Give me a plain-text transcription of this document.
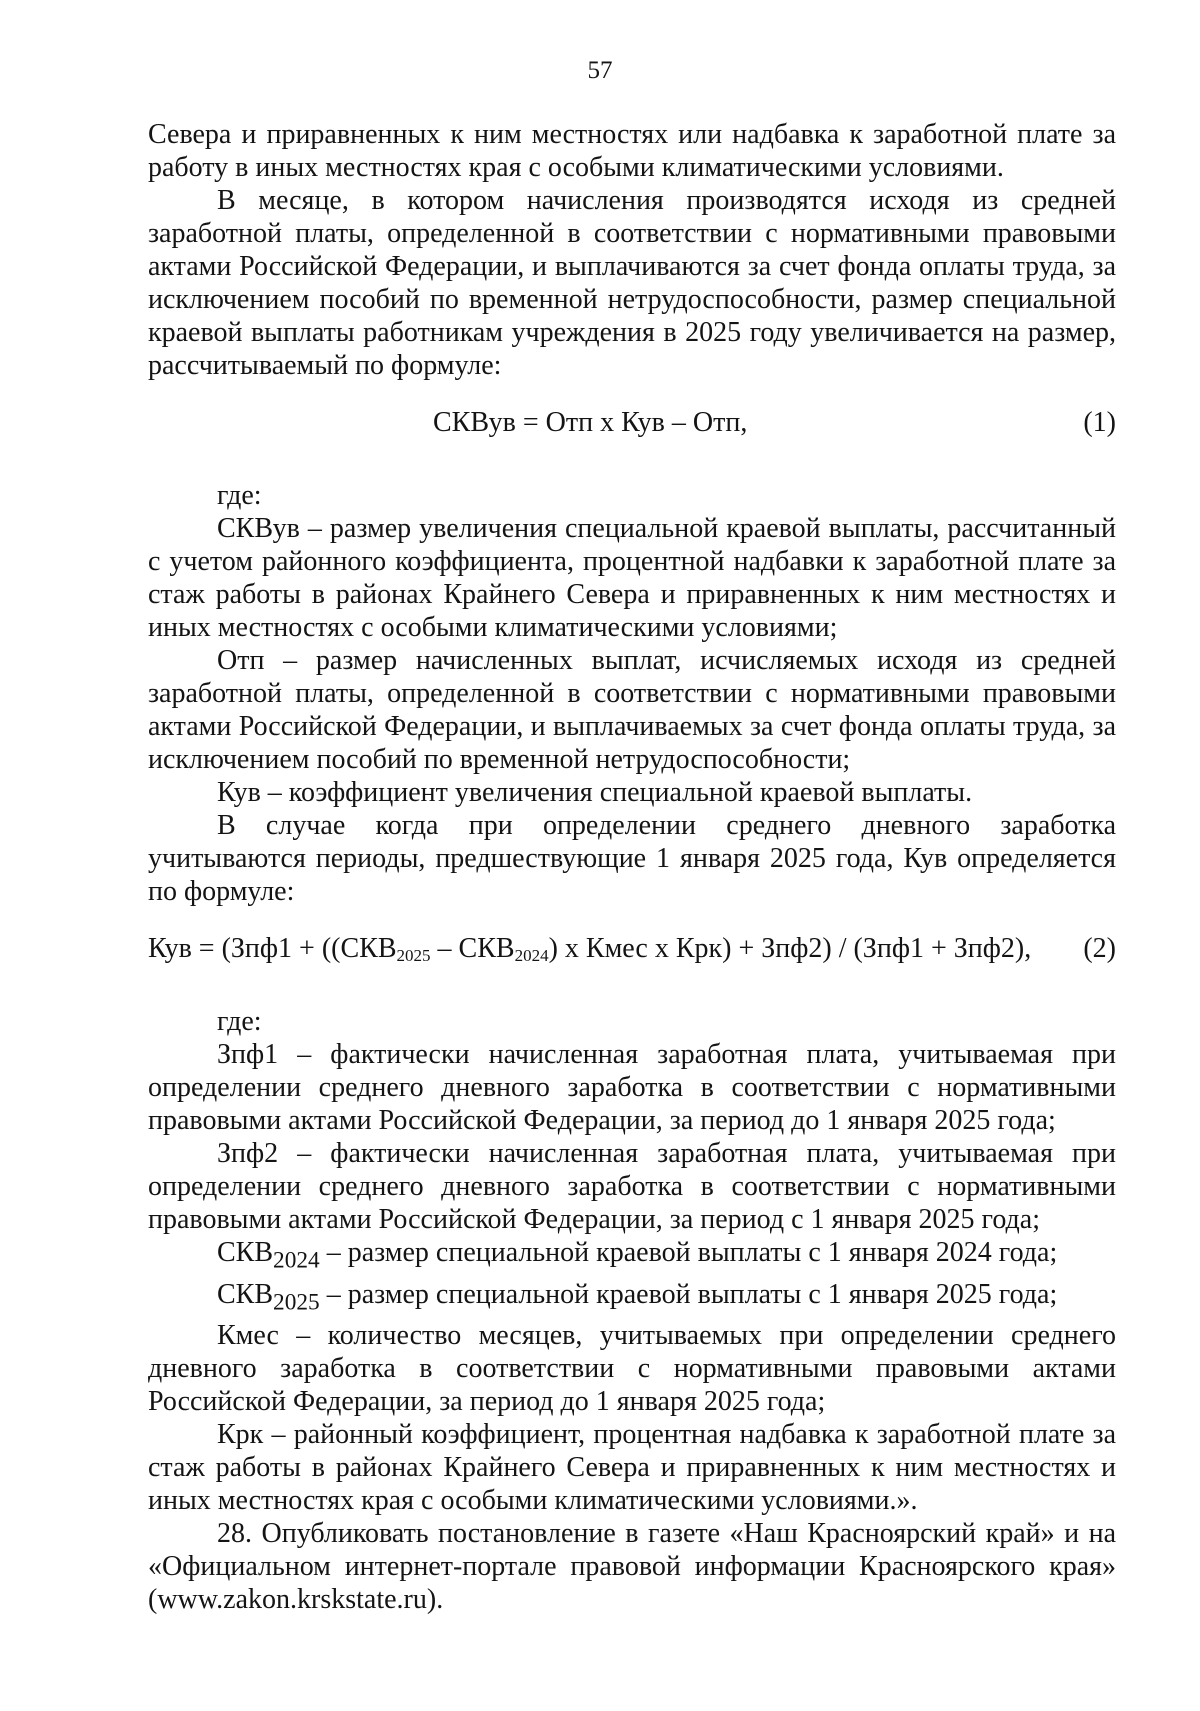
57

Севера и приравненных к ним местностях или надбавка к заработной плате за работу в иных местностях края с особыми климатическими условиями.

В месяце, в котором начисления производятся исходя из средней заработной платы, определенной в соответствии с нормативными правовыми актами Российской Федерации, и выплачиваются за счет фонда оплаты труда, за исключением пособий по временной нетрудоспособности, размер специальной краевой выплаты работникам учреждения в 2025 году увеличивается на размер, рассчитываемый по формуле:

СКВув = Отп х Кув – Отп,	(1)

где:

СКВув – размер увеличения специальной краевой выплаты, рассчитанный с учетом районного коэффициента, процентной надбавки к заработной плате за стаж работы в районах Крайнего Севера и приравненных к ним местностях и иных местностях с особыми климатическими условиями;

Отп – размер начисленных выплат, исчисляемых исходя из средней заработной платы, определенной в соответствии с нормативными правовыми актами Российской Федерации, и выплачиваемых за счет фонда оплаты труда, за исключением пособий по временной нетрудоспособности;

Кув – коэффициент увеличения специальной краевой выплаты.

В случае когда при определении среднего дневного заработка учитываются периоды, предшествующие 1 января 2025 года, Кув определяется по формуле:

Кув = ($Зпф1 + ((СКВ_{2025} - СКВ_{2024})$ х Кмес х Крк) + Зпф2) / (Зпф1 + Зпф2), (2)

где:

Зпф1 – фактически начисленная заработная плата, учитываемая при определении среднего дневного заработка в соответствии с нормативными правовыми актами Российской Федерации, за период до 1 января 2025 года;

Зпф2 – фактически начисленная заработная плата, учитываемая при определении среднего дневного заработка в соответствии с нормативными правовыми актами Российской Федерации, за период с 1 января 2025 года;

$СКВ_{2024}$ – размер специальной краевой выплаты с 1 января 2024 года;

$СКВ_{2025}$ – размер специальной краевой выплаты с 1 января 2025 года;

Кмес – количество месяцев, учитываемых при определении среднего дневного заработка в соответствии с нормативными правовыми актами Российской Федерации, за период до 1 января 2025 года;

Крк – районный коэффициент, процентная надбавка к заработной плате за стаж работы в районах Крайнего Севера и приравненных к ним местностях и иных местностях края с особыми климатическими условиями.».

28. Опубликовать постановление в газете «Наш Красноярский край» и на «Официальном интернет-портале правовой информации Красноярского края» (www.zakon.krskstate.ru).
